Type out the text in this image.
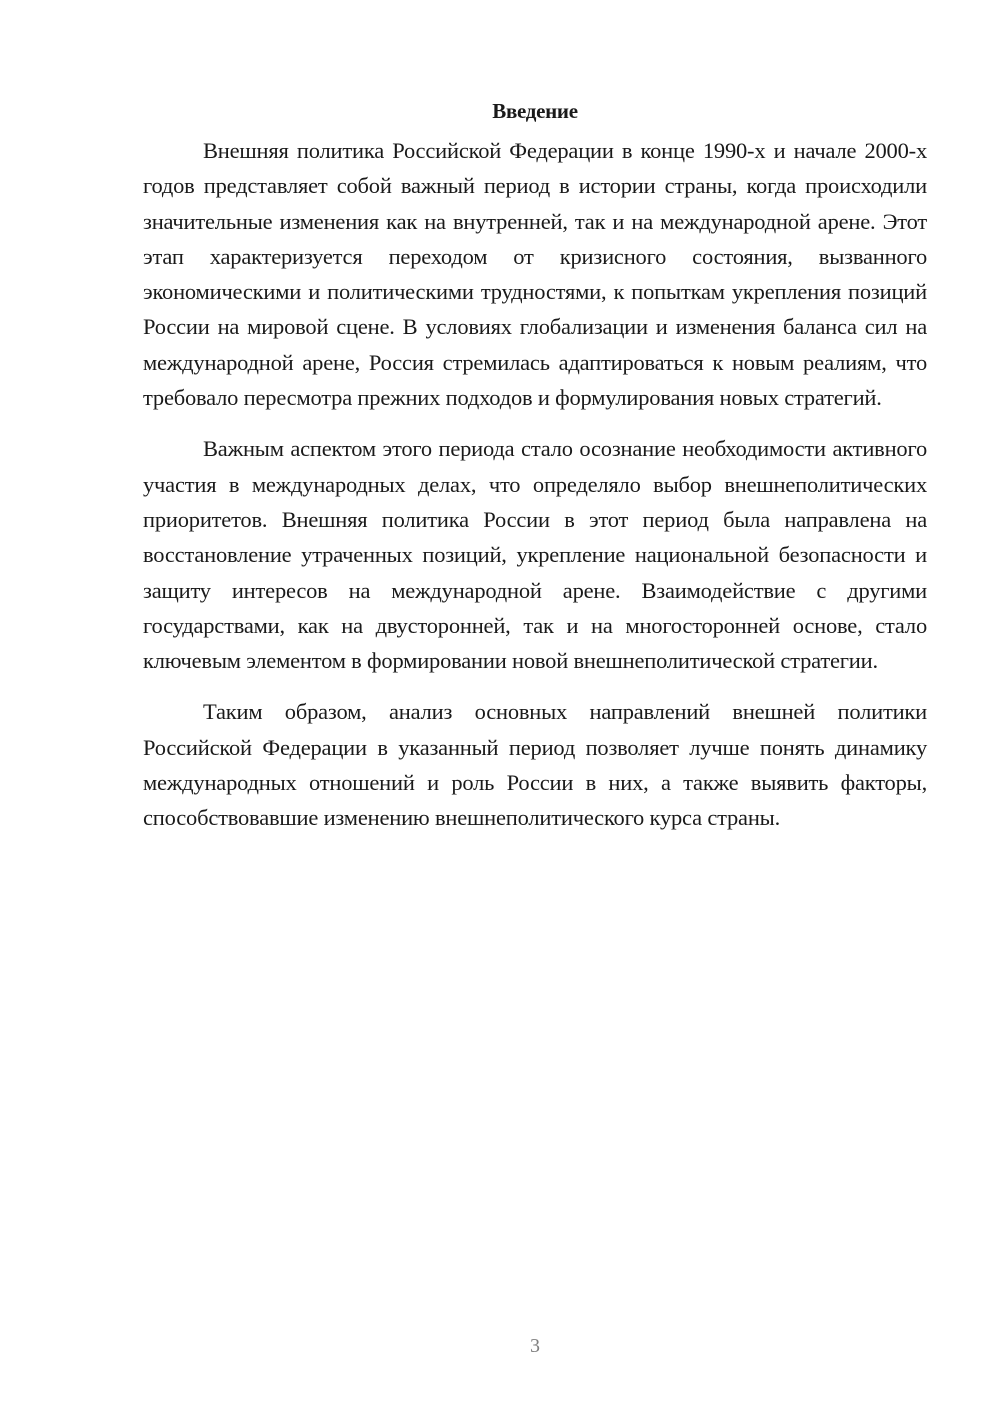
Введение

Внешняя политика Российской Федерации в конце 1990-х и начале 2000-х годов представляет собой важный период в истории страны, когда происходили значительные изменения как на внутренней, так и на международной арене. Этот этап характеризуется переходом от кризисного состояния, вызванного экономическими и политическими трудностями, к попыткам укрепления позиций России на мировой сцене. В условиях глобализации и изменения баланса сил на международной арене, Россия стремилась адаптироваться к новым реалиям, что требовало пересмотра прежних подходов и формулирования новых стратегий.

Важным аспектом этого периода стало осознание необходимости активного участия в международных делах, что определяло выбор внешнеполитических приоритетов. Внешняя политика России в этот период была направлена на восстановление утраченных позиций, укрепление национальной безопасности и защиту интересов на международной арене. Взаимодействие с другими государствами, как на двусторонней, так и на многосторонней основе, стало ключевым элементом в формировании новой внешнеполитической стратегии.

Таким образом, анализ основных направлений внешней политики Российской Федерации в указанный период позволяет лучше понять динамику международных отношений и роль России в них, а также выявить факторы, способствовавшие изменению внешнеполитического курса страны.

3
